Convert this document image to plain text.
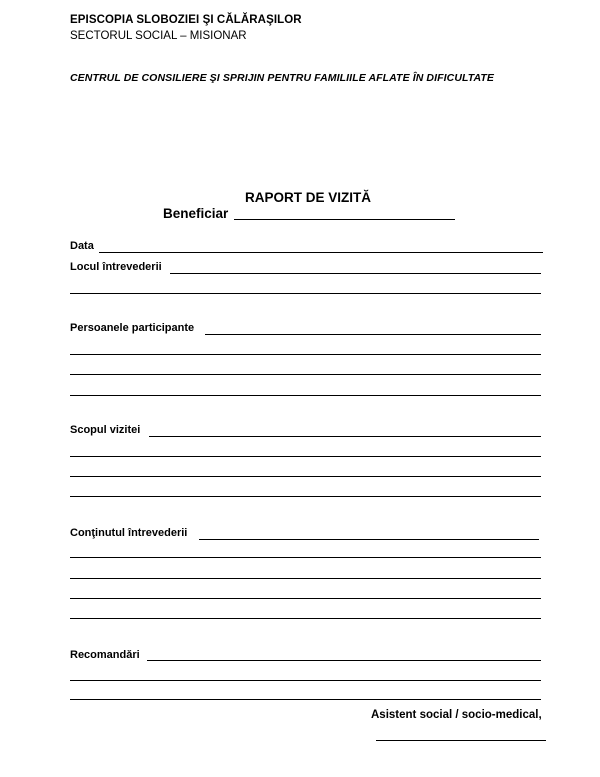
EPISCOPIA SLOBOZIEI ŞI CĂLĂRAŞILOR
SECTORUL SOCIAL – MISIONAR
CENTRUL DE CONSILIERE ŞI SPRIJIN PENTRU FAMILIILE AFLATE ÎN DIFICULTATE
RAPORT DE VIZITĂ
Beneficiar
Data
Locul întrevederii
Persoanele participante
Scopul vizitei
Conţinutul întrevederii
Recomandări
Asistent social / socio-medical,
